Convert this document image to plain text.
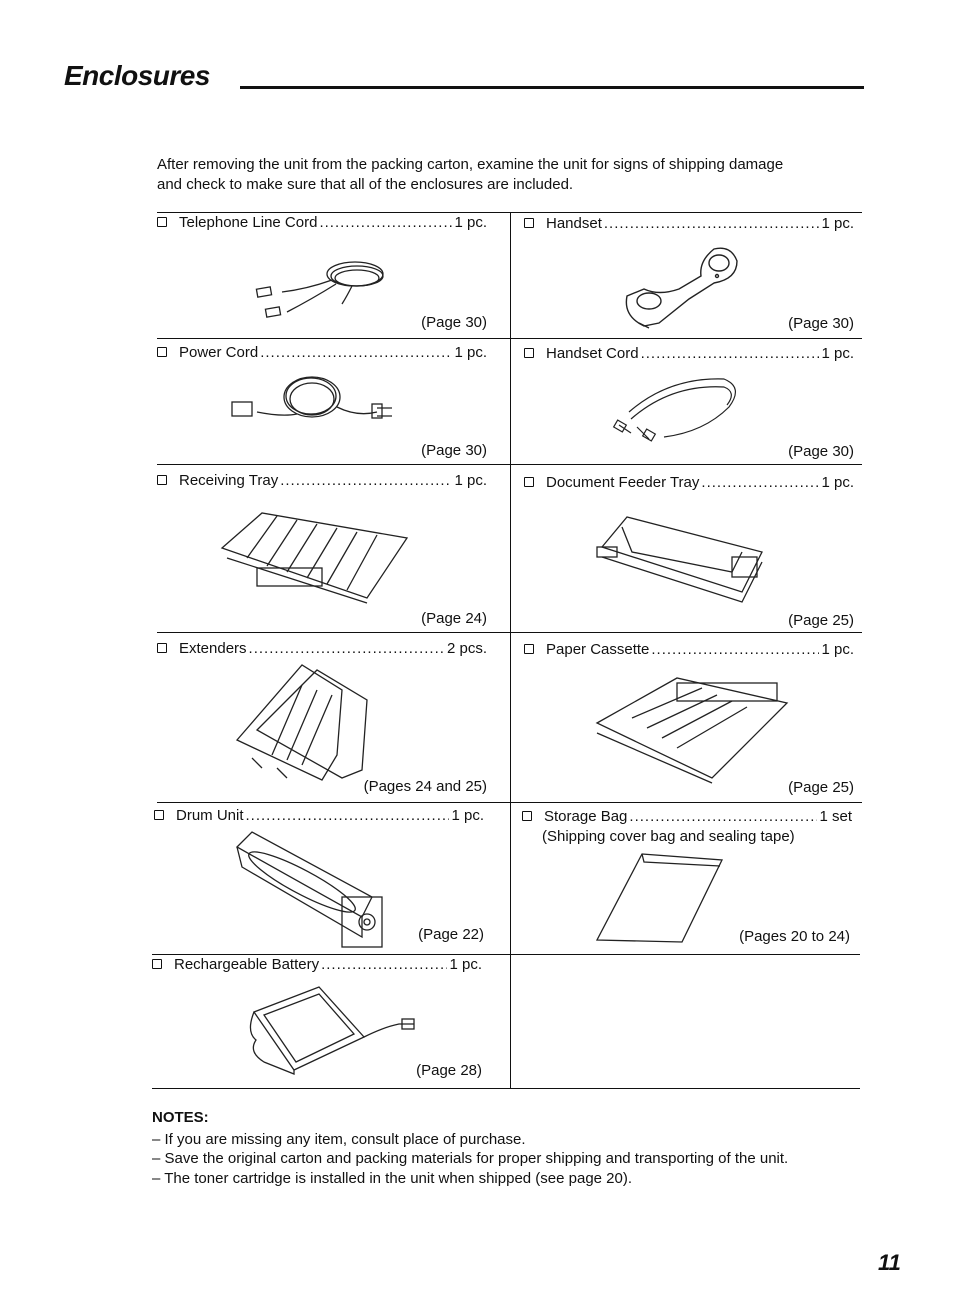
Enclosures

After removing the unit from the packing carton, examine the unit for signs of shipping damage

and check to make sure that all of the enclosures are included.

Telephone Line Cord .....	1 pc.
(Page 30)
Handset .....	1 pc.
(Page 30)
Power Cord .....	1 pc.
(Page 30)
Handset Cord .....	1 pc.
(Page 30)
Receiving Tray .....	1 pc.
(Page 24)
Document Feeder Tray .....	1 pc.
(Page 25)
Extenders .....	2 pcs.
(Pages 24 and 25)
Paper Cassette .....	1 pc.
(Page 25)
Drum Unit .....	1 pc.
(Page 22)
Storage Bag .....	1 set
(Shipping cover bag and sealing tape)
(Pages 20 to 24)
Rechargeable Battery .....	1 pc.
(Page 28)
NOTES:
– If you are missing any item, consult place of purchase.
– Save the original carton and packing materials for proper shipping and transporting of the unit.
– The toner cartridge is installed in the unit when shipped (see page 20).
11
